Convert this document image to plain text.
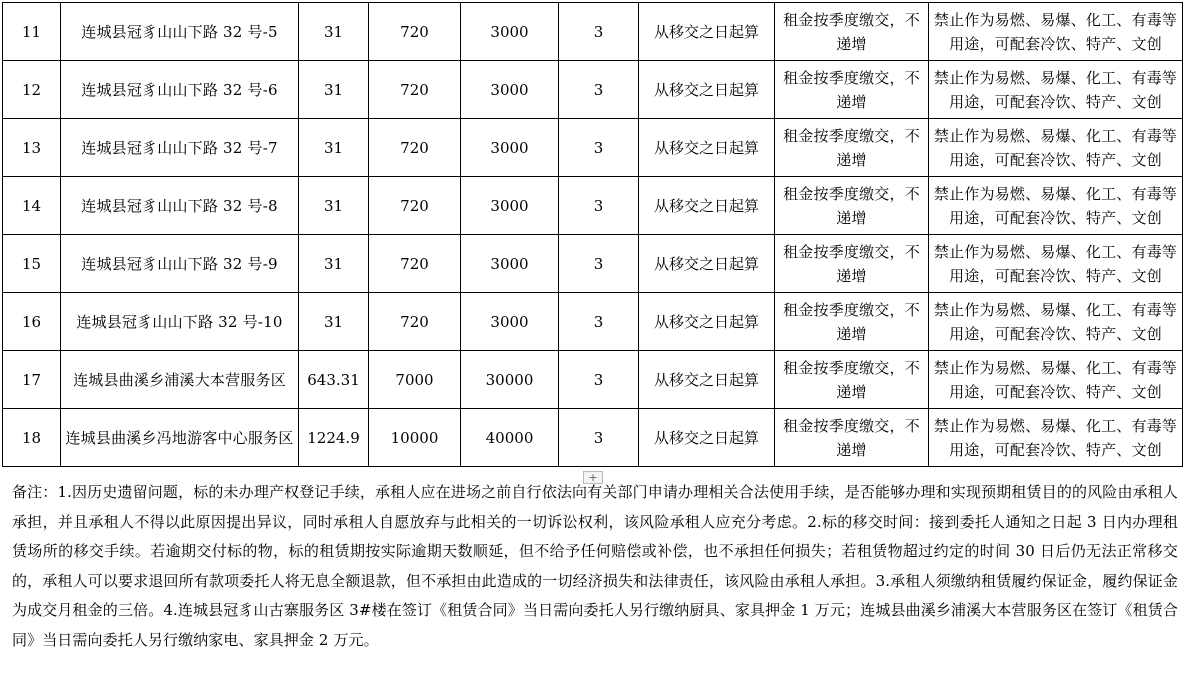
11	连城县冠豸山山下路 32 号-5	31	720	3000	3	从移交之日起算	租金按季度缴交，不递增	禁止作为易燃、易爆、化工、有毒等用途，可配套冷饮、特产、文创
12	连城县冠豸山山下路 32 号-6	31	720	3000	3	从移交之日起算	租金按季度缴交，不递增	禁止作为易燃、易爆、化工、有毒等用途，可配套冷饮、特产、文创
13	连城县冠豸山山下路 32 号-7	31	720	3000	3	从移交之日起算	租金按季度缴交，不递增	禁止作为易燃、易爆、化工、有毒等用途，可配套冷饮、特产、文创
14	连城县冠豸山山下路 32 号-8	31	720	3000	3	从移交之日起算	租金按季度缴交，不递增	禁止作为易燃、易爆、化工、有毒等用途，可配套冷饮、特产、文创
15	连城县冠豸山山下路 32 号-9	31	720	3000	3	从移交之日起算	租金按季度缴交，不递增	禁止作为易燃、易爆、化工、有毒等用途，可配套冷饮、特产、文创
16	连城县冠豸山山下路 32 号-10	31	720	3000	3	从移交之日起算	租金按季度缴交，不递增	禁止作为易燃、易爆、化工、有毒等用途，可配套冷饮、特产、文创
17	连城县曲溪乡浦溪大本营服务区	643.31	7000	30000	3	从移交之日起算	租金按季度缴交，不递增	禁止作为易燃、易爆、化工、有毒等用途，可配套冷饮、特产、文创
18	连城县曲溪乡冯地游客中心服务区	1224.9	10000	40000	3	从移交之日起算	租金按季度缴交，不递增	禁止作为易燃、易爆、化工、有毒等用途，可配套冷饮、特产、文创
+
备注：1.因历史遗留问题，标的未办理产权登记手续，承租人应在进场之前自行依法向有关部门申请办理相关合法使用手续，是否能够办理和实现预期租赁目的的风险由承租人承担，并且承租人不得以此原因提出异议，同时承租人自愿放弃与此相关的一切诉讼权利，该风险承租人应充分考虑。2.标的移交时间：接到委托人通知之日起 3 日内办理租赁场所的移交手续。若逾期交付标的物，标的租赁期按实际逾期天数顺延，但不给予任何赔偿或补偿，也不承担任何损失；若租赁物超过约定的时间 30 日后仍无法正常移交的，承租人可以要求退回所有款项委托人将无息全额退款，但不承担由此造成的一切经济损失和法律责任，该风险由承租人承担。3.承租人须缴纳租赁履约保证金，履约保证金为成交月租金的三倍。4.连城县冠豸山古寨服务区 3#楼在签订《租赁合同》当日需向委托人另行缴纳厨具、家具押金 1 万元；连城县曲溪乡浦溪大本营服务区在签订《租赁合同》当日需向委托人另行缴纳家电、家具押金 2 万元。
